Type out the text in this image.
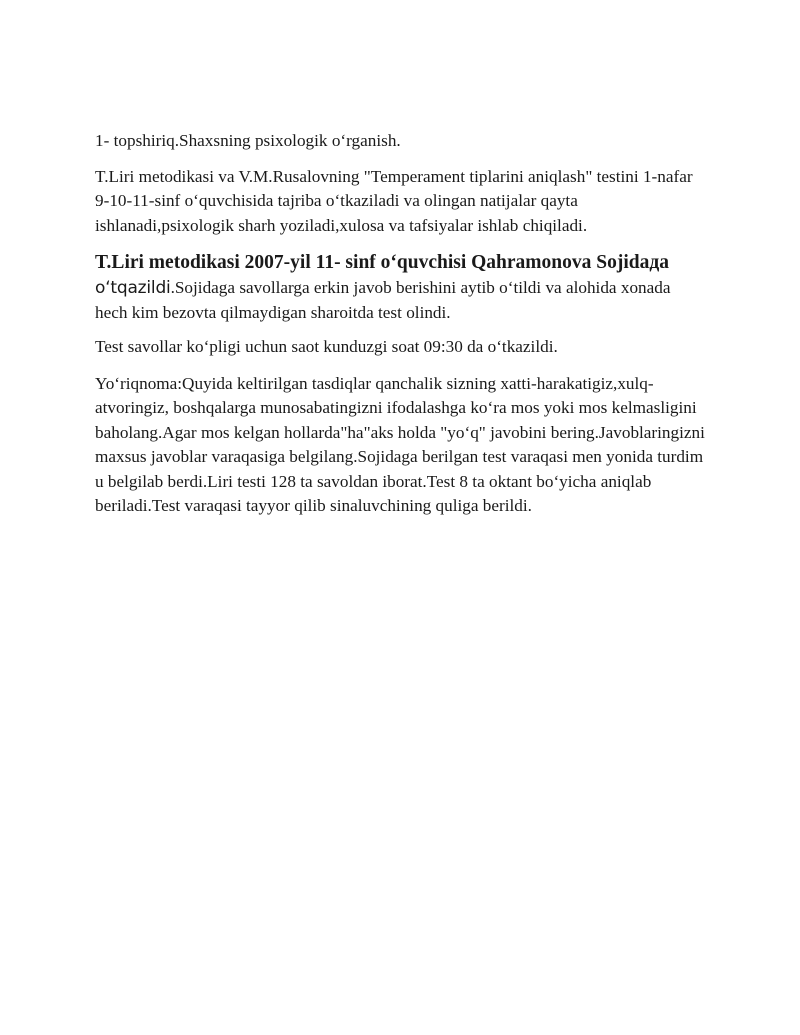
1- topshiriq.Shaxsning psixologik o‘rganish.

T.Liri metodikasi va V.M.Rusalovning "Temperament tiplarini aniqlash" testini 1-nafar 9-10-11-sinf o‘quvchisida tajriba o‘tkaziladi va olingan natijalar qayta ishlanadi,psixologik sharh yoziladi,xulosa va tafsiyalar ishlab chiqiladi.

T.Liri metodikasi 2007-yil 11- sinf o‘quvchisi Qahramonova Sojidaда o‘tqazildi.Sojidaga savollarga erkin javob berishini aytib o‘tildi va alohida xonada hech kim bezovta qilmaydigan sharoitda test olindi.

Test savollar ko‘pligi uchun saot kunduzgi soat 09:30 da o‘tkazildi.

Yo‘riqnoma:Quyida keltirilgan tasdiqlar qanchalik sizning xatti-harakatigiz,xulq-atvoringiz, boshqalarga munosabatingizni ifodalashga ko‘ra mos yoki mos kelmasligini baholang.Agar mos kelgan hollarda"ha"aks holda "yo‘q" javobini bering.Javoblaringizni maxsus javoblar varaqasiga belgilang.Sojidaga berilgan test varaqasi men yonida turdim u belgilab berdi.Liri testi 128 ta savoldan iborat.Test 8 ta oktant bo‘yicha aniqlab beriladi.Test varaqasi tayyor qilib sinaluvchining quliga berildi.
